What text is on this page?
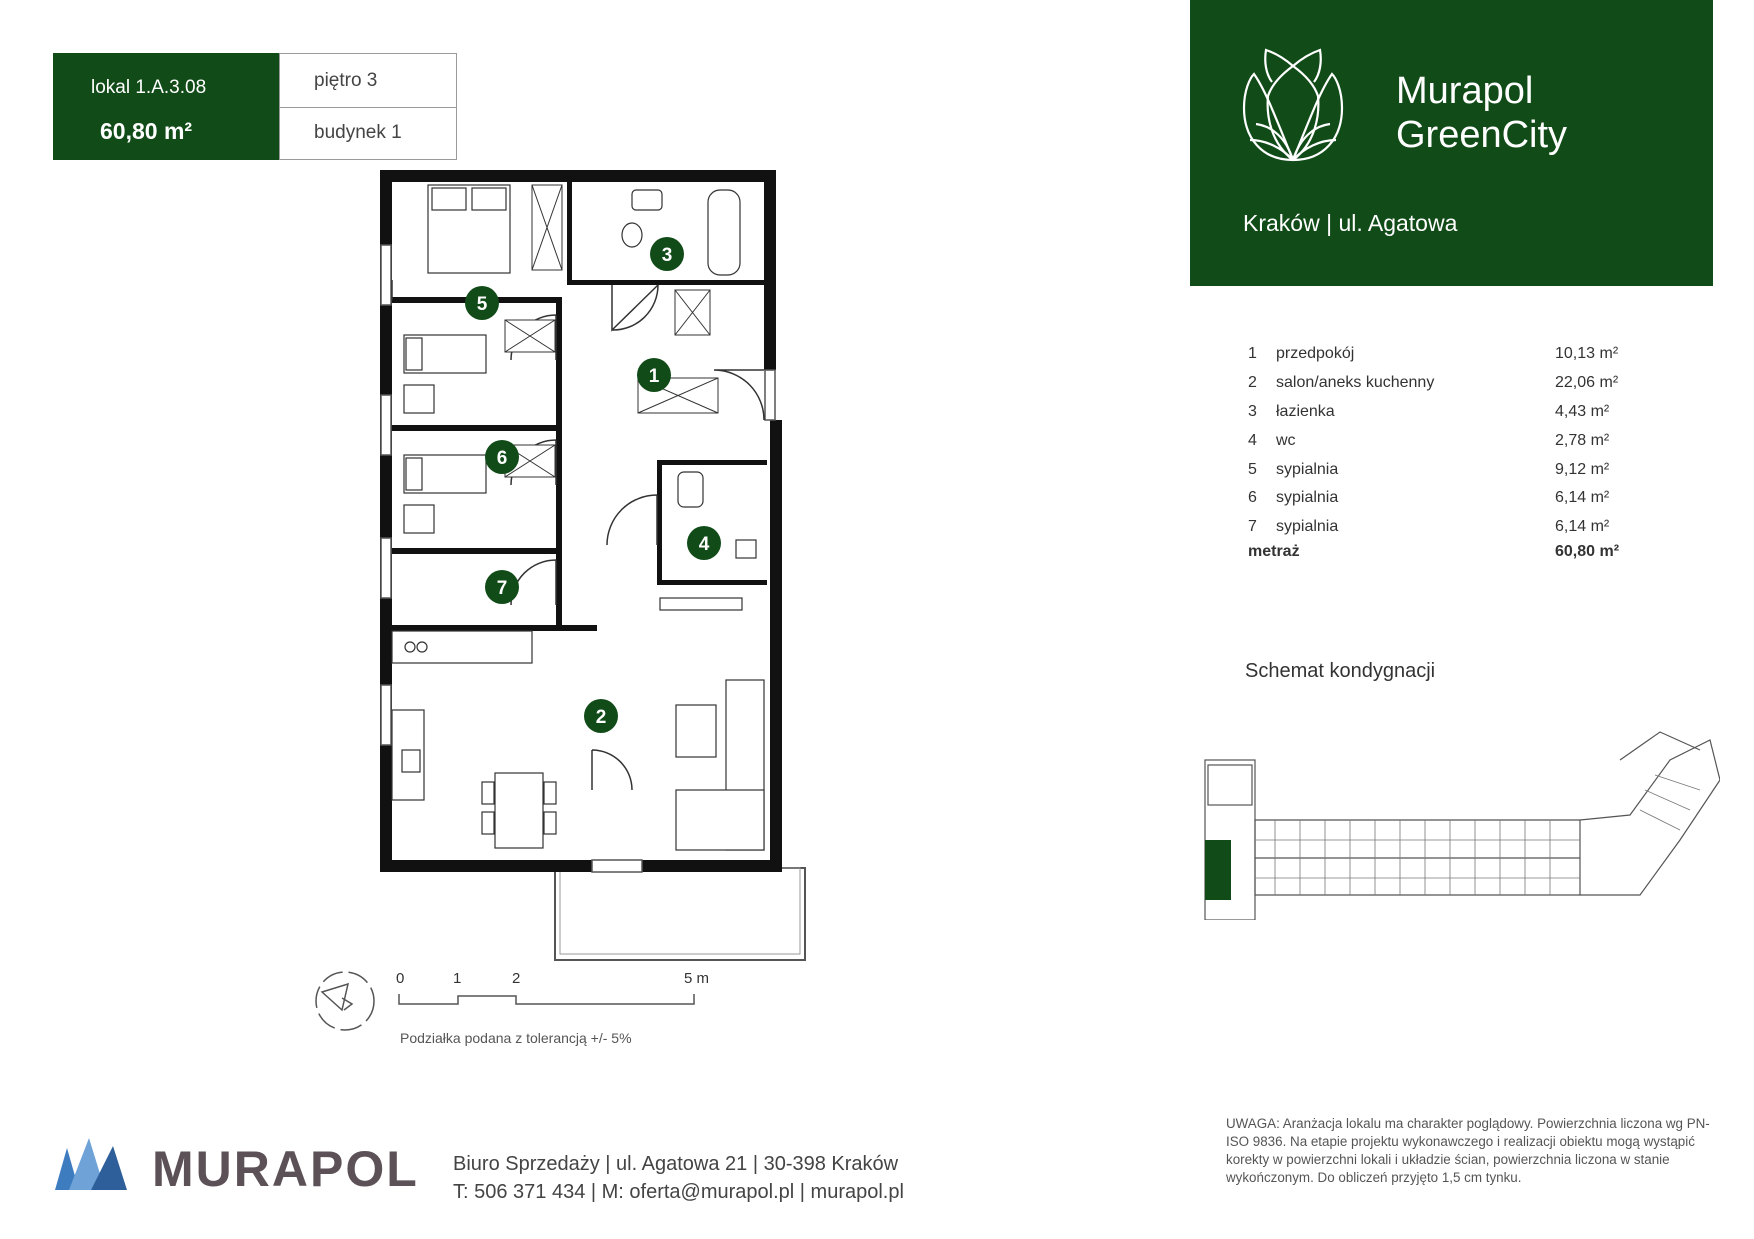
lokal 1.A.3.08
60,80 m²
piętro 3
budynek 1
Murapol
GreenCity
Kraków | ul. Agatowa
1 przedpokój	10,13 m²
2 salon/aneks kuchenny	22,06 m²
3 łazienka	4,43 m²
4 wc	2,78 m²
5 sypialnia	9,12 m²
6 sypialnia	6,14 m²
7 sypialnia	6,14 m²
metraż	60,80 m²
5
1
3
6
4
7
2
0	1	2	5 m
Podziałka podana z tolerancją +/- 5%
Schemat kondygnacji
UWAGA: Aranżacja lokalu ma charakter poglądowy. Powierzchnia liczona wg PN-ISO 9836. Na etapie projektu wykonawczego i realizacji obiektu mogą wystąpić korekty w powierzchni lokali i układzie ścian, powierzchnia liczona w stanie wykończonym. Do obliczeń przyjęto 1,5 cm tynku.
MURAPOL Biuro Sprzedaży | ul. Agatowa 21 | 30-398 Kraków
T: 506 371 434 | M: oferta@murapol.pl | murapol.pl
